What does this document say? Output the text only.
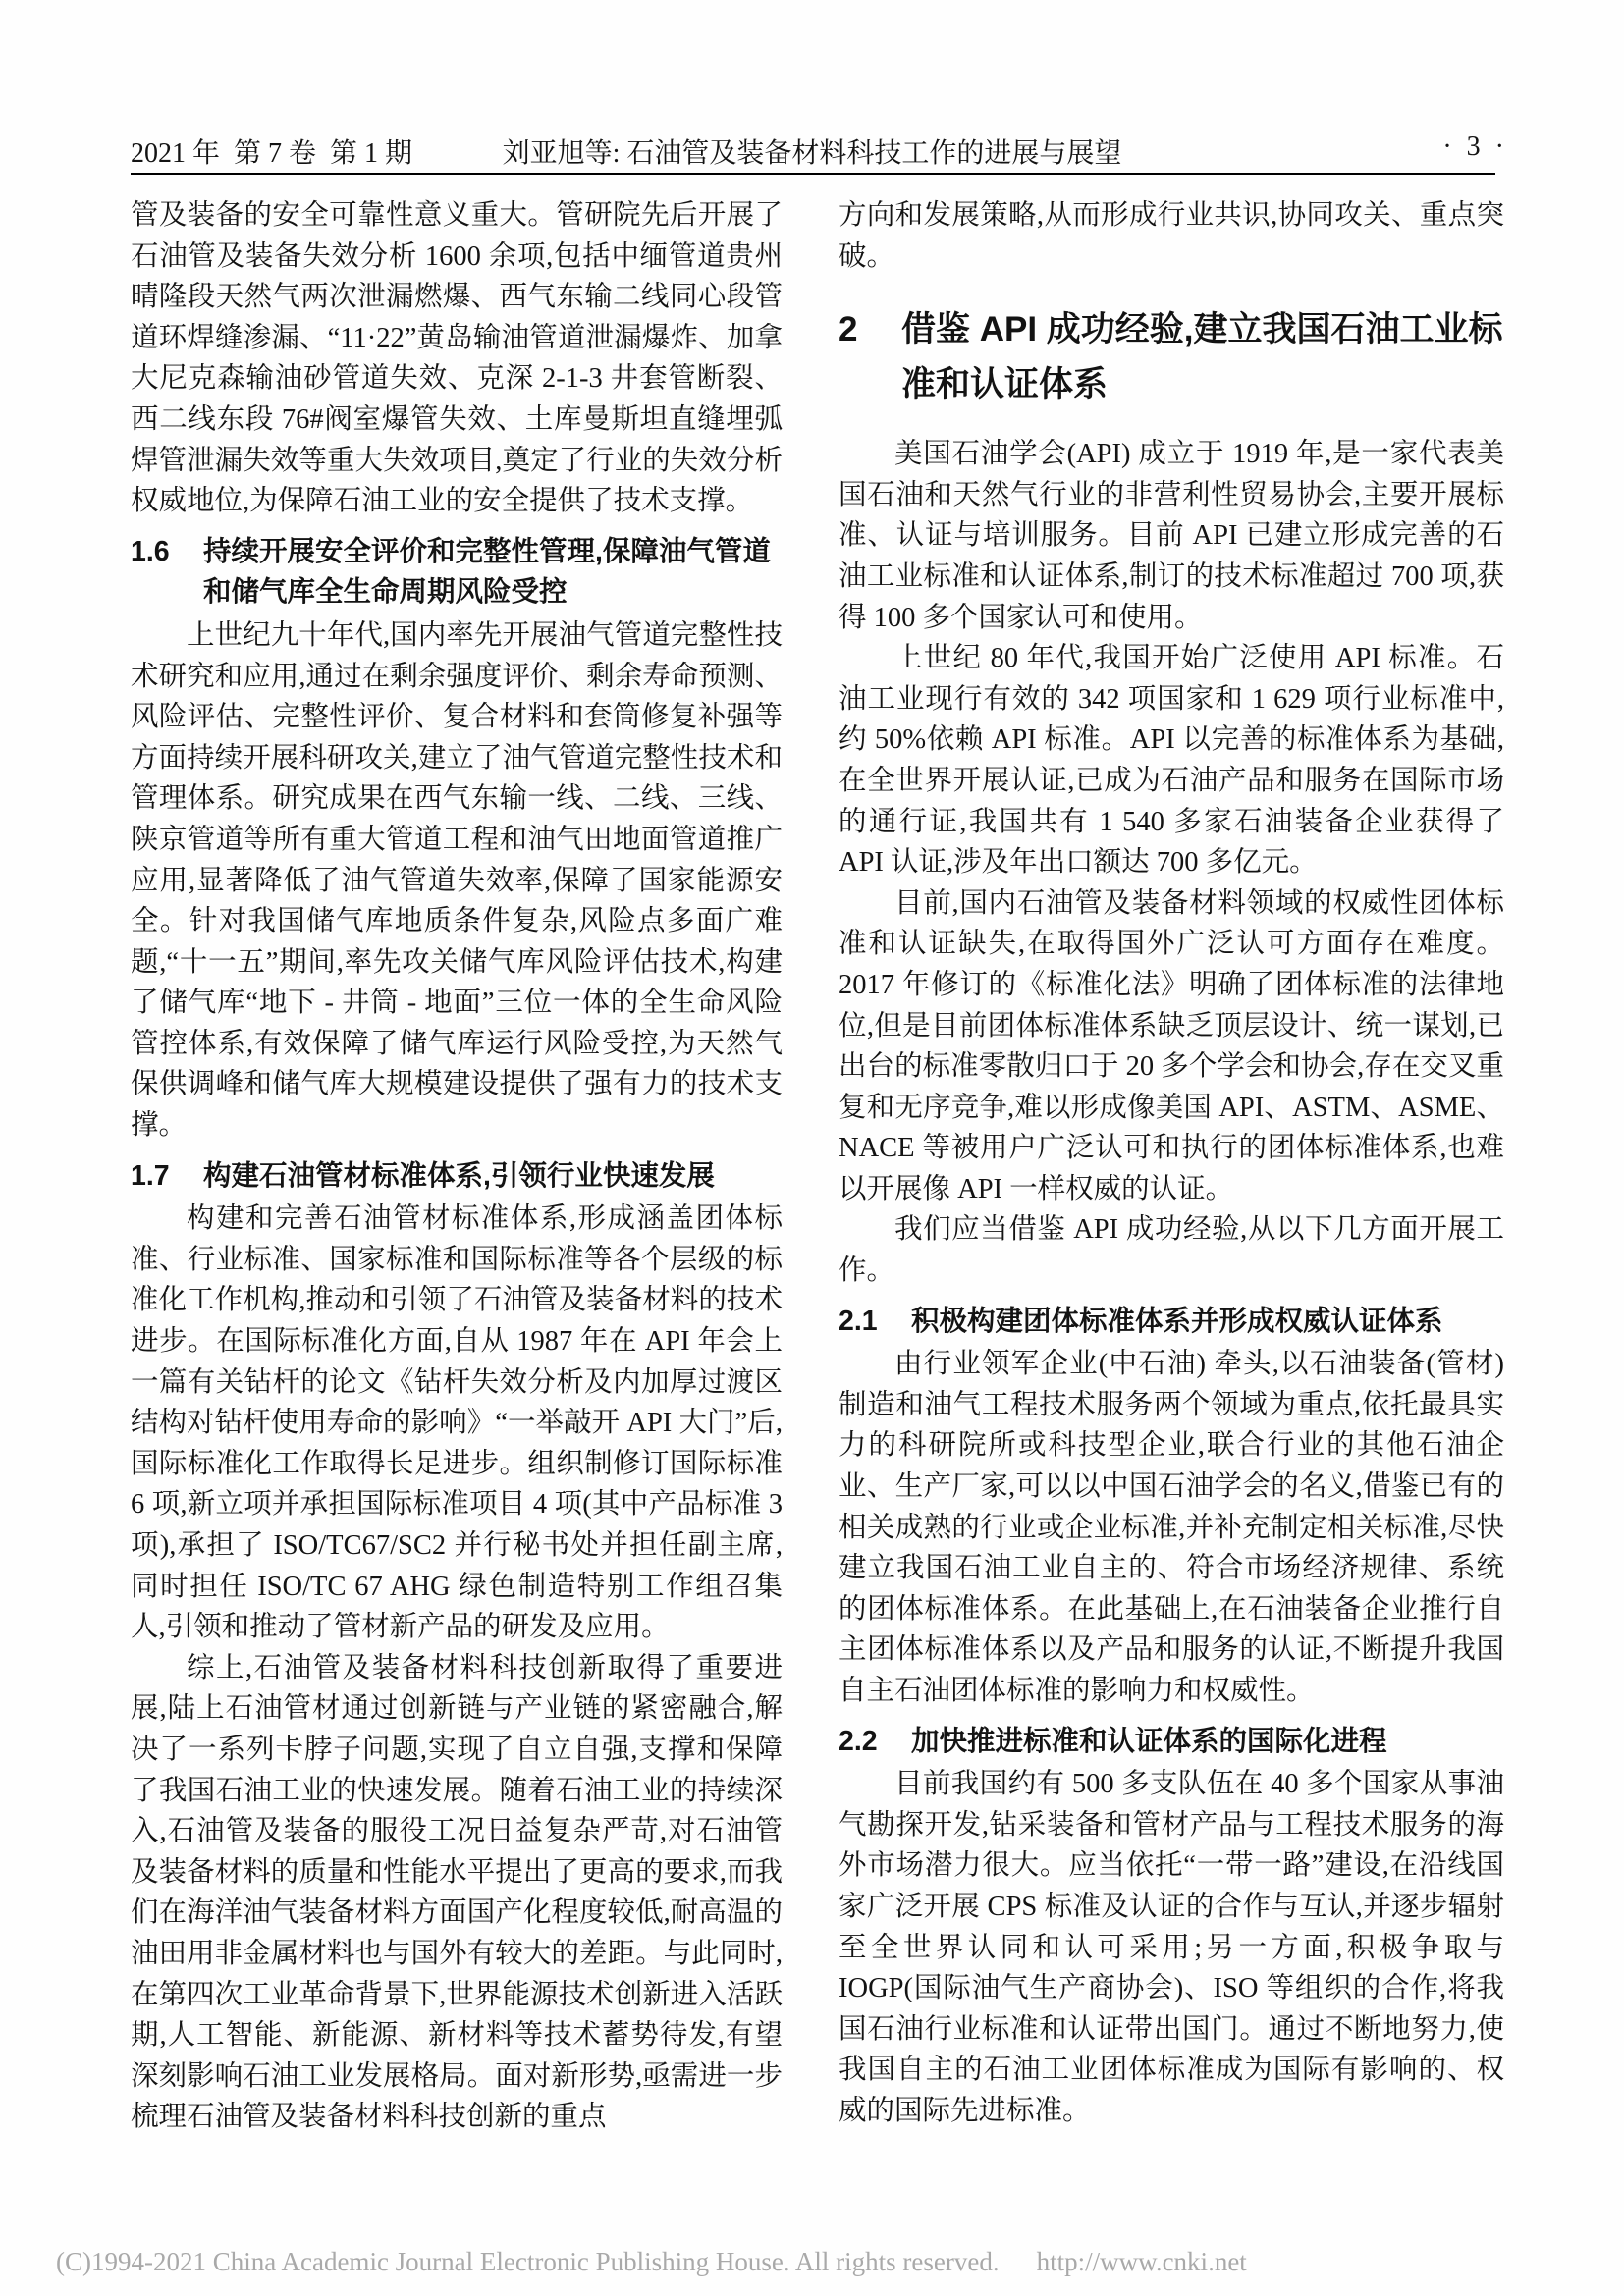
2021 年  第 7 卷  第 1 期	刘亚旭等: 石油管及装备材料科技工作的进展与展望	· 3 ·

管及装备的安全可靠性意义重大。管研院先后开展了石油管及装备失效分析 1600 余项,包括中缅管道贵州晴隆段天然气两次泄漏燃爆、西气东输二线同心段管道环焊缝渗漏、“11·22”黄岛输油管道泄漏爆炸、加拿大尼克森输油砂管道失效、克深 2-1-3 井套管断裂、西二线东段 76#阀室爆管失效、土库曼斯坦直缝埋弧焊管泄漏失效等重大失效项目,奠定了行业的失效分析权威地位,为保障石油工业的安全提供了技术支撑。

1.6	持续开展安全评价和完整性管理,保障油气管道和储气库全生命周期风险受控

上世纪九十年代,国内率先开展油气管道完整性技术研究和应用,通过在剩余强度评价、剩余寿命预测、风险评估、完整性评价、复合材料和套筒修复补强等方面持续开展科研攻关,建立了油气管道完整性技术和管理体系。研究成果在西气东输一线、二线、三线、陕京管道等所有重大管道工程和油气田地面管道推广应用,显著降低了油气管道失效率,保障了国家能源安全。针对我国储气库地质条件复杂,风险点多面广难题,“十一五”期间,率先攻关储气库风险评估技术,构建了储气库“地下 - 井筒 - 地面”三位一体的全生命风险管控体系,有效保障了储气库运行风险受控,为天然气保供调峰和储气库大规模建设提供了强有力的技术支撑。

1.7	构建石油管材标准体系,引领行业快速发展

构建和完善石油管材标准体系,形成涵盖团体标准、行业标准、国家标准和国际标准等各个层级的标准化工作机构,推动和引领了石油管及装备材料的技术进步。在国际标准化方面,自从 1987 年在 API 年会上一篇有关钻杆的论文《钻杆失效分析及内加厚过渡区结构对钻杆使用寿命的影响》“一举敲开 API 大门”后,国际标准化工作取得长足进步。组织制修订国际标准 6 项,新立项并承担国际标准项目 4 项(其中产品标准 3 项),承担了 ISO/TC67/SC2 并行秘书处并担任副主席,同时担任 ISO/TC 67 AHG 绿色制造特别工作组召集人,引领和推动了管材新产品的研发及应用。

综上,石油管及装备材料科技创新取得了重要进展,陆上石油管材通过创新链与产业链的紧密融合,解决了一系列卡脖子问题,实现了自立自强,支撑和保障了我国石油工业的快速发展。随着石油工业的持续深入,石油管及装备的服役工况日益复杂严苛,对石油管及装备材料的质量和性能水平提出了更高的要求,而我们在海洋油气装备材料方面国产化程度较低,耐高温的油田用非金属材料也与国外有较大的差距。与此同时,在第四次工业革命背景下,世界能源技术创新进入活跃期,人工智能、新能源、新材料等技术蓄势待发,有望深刻影响石油工业发展格局。面对新形势,亟需进一步梳理石油管及装备材料科技创新的重点

方向和发展策略,从而形成行业共识,协同攻关、重点突破。

2	借鉴 API 成功经验,建立我国石油工业标准和认证体系

美国石油学会(API) 成立于 1919 年,是一家代表美国石油和天然气行业的非营利性贸易协会,主要开展标准、认证与培训服务。目前 API 已建立形成完善的石油工业标准和认证体系,制订的技术标准超过 700 项,获得 100 多个国家认可和使用。

上世纪 80 年代,我国开始广泛使用 API 标准。石油工业现行有效的 342 项国家和 1 629 项行业标准中,约 50%依赖 API 标准。API 以完善的标准体系为基础,在全世界开展认证,已成为石油产品和服务在国际市场的通行证,我国共有 1 540 多家石油装备企业获得了 API 认证,涉及年出口额达 700 多亿元。

目前,国内石油管及装备材料领域的权威性团体标准和认证缺失,在取得国外广泛认可方面存在难度。2017 年修订的《标准化法》明确了团体标准的法律地位,但是目前团体标准体系缺乏顶层设计、统一谋划,已出台的标准零散归口于 20 多个学会和协会,存在交叉重复和无序竞争,难以形成像美国 API、ASTM、ASME、NACE 等被用户广泛认可和执行的团体标准体系,也难以开展像 API 一样权威的认证。

我们应当借鉴 API 成功经验,从以下几方面开展工作。

2.1	积极构建团体标准体系并形成权威认证体系

由行业领军企业(中石油) 牵头,以石油装备(管材)制造和油气工程技术服务两个领域为重点,依托最具实力的科研院所或科技型企业,联合行业的其他石油企业、生产厂家,可以以中国石油学会的名义,借鉴已有的相关成熟的行业或企业标准,并补充制定相关标准,尽快建立我国石油工业自主的、符合市场经济规律、系统的团体标准体系。在此基础上,在石油装备企业推行自主团体标准体系以及产品和服务的认证,不断提升我国自主石油团体标准的影响力和权威性。

2.2	加快推进标准和认证体系的国际化进程

目前我国约有 500 多支队伍在 40 多个国家从事油气勘探开发,钻采装备和管材产品与工程技术服务的海外市场潜力很大。应当依托“一带一路”建设,在沿线国家广泛开展 CPS 标准及认证的合作与互认,并逐步辐射至全世界认同和认可采用;另一方面,积极争取与 IOGP(国际油气生产商协会)、ISO 等组织的合作,将我国石油行业标准和认证带出国门。通过不断地努力,使我国自主的石油工业团体标准成为国际有影响的、权威的国际先进标准。

(C)1994-2021 China Academic Journal Electronic Publishing House. All rights reserved. http://www.cnki.net
